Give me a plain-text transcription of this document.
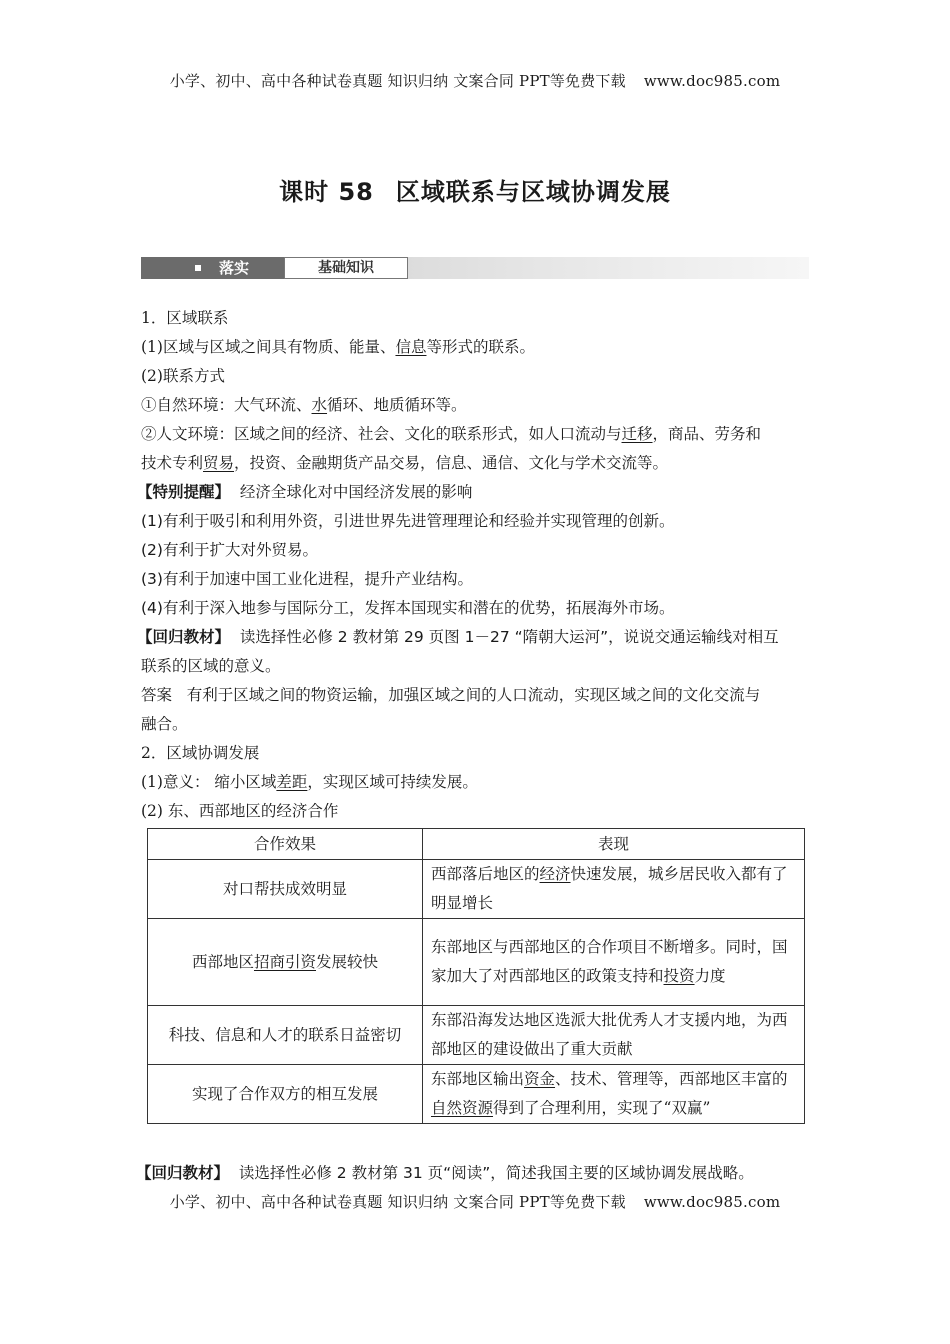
小学、初中、高中各种试卷真题 知识归纳 文案合同 PPT等免费下载 www.doc985.com
课时 58 区域联系与区域协调发展
落实	基础知识

1．区域联系

(1)区域与区域之间具有物质、能量、信息等形式的联系。

(2)联系方式

①自然环境：大气环流、水循环、地质循环等。

②人文环境：区域之间的经济、社会、文化的联系形式，如人口流动与迁移，商品、劳务和

技术专利贸易，投资、金融期货产品交易，信息、通信、文化与学术交流等。

【特别提醒】 经济全球化对中国经济发展的影响

(1)有利于吸引和利用外资，引进世界先进管理理论和经验并实现管理的创新。

(2)有利于扩大对外贸易。

(3)有利于加速中国工业化进程，提升产业结构。

(4)有利于深入地参与国际分工，发挥本国现实和潜在的优势，拓展海外市场。

【回归教材】 读选择性必修 2 教材第 29 页图 1－27 “隋朝大运河”，说说交通运输线对相互

联系的区域的意义。

答案 有利于区域之间的物资运输，加强区域之间的人口流动，实现区域之间的文化交流与

融合。

2．区域协调发展

(1)意义： 缩小区域差距，实现区域可持续发展。

(2) 东、西部地区的经济合作

合作效果	表现
对口帮扶成效明显	西部落后地区的经济快速发展，城乡居民收入都有了明显增长
西部地区招商引资发展较快	东部地区与西部地区的合作项目不断增多。同时，国家加大了对西部地区的政策支持和投资力度
科技、信息和人才的联系日益密切	东部沿海发达地区选派大批优秀人才支援内地，为西部地区的建设做出了重大贡献
实现了合作双方的相互发展	东部地区输出资金、技术、管理等，西部地区丰富的自然资源得到了合理利用，实现了“双赢”

【回归教材】 读选择性必修 2 教材第 31 页“阅读”，简述我国主要的区域协调发展战略。

小学、初中、高中各种试卷真题 知识归纳 文案合同 PPT等免费下载 www.doc985.com
